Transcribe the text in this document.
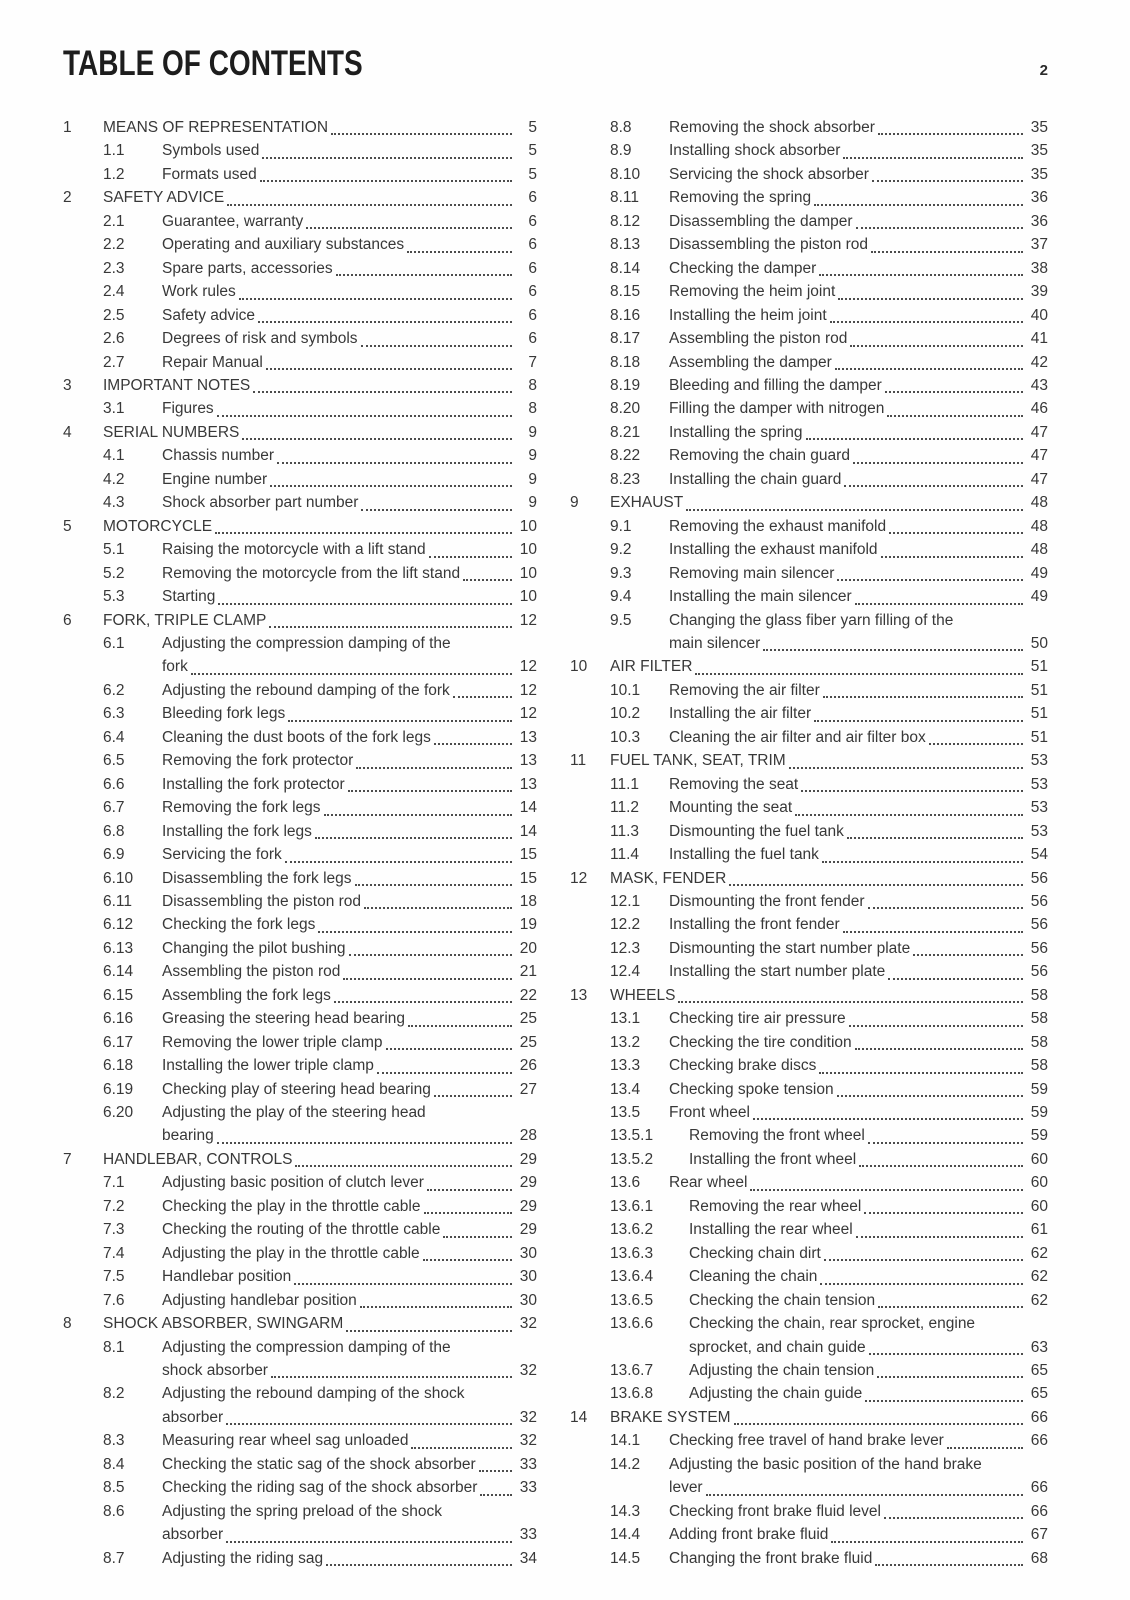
TABLE OF CONTENTS	2
1	MEANS OF REPRESENTATION	5
1.1	Symbols used	5
1.2	Formats used	5
2	SAFETY ADVICE	6
2.1	Guarantee, warranty	6
2.2	Operating and auxiliary substances	6
2.3	Spare parts, accessories	6
2.4	Work rules	6
2.5	Safety advice	6
2.6	Degrees of risk and symbols	6
2.7	Repair Manual	7
3	IMPORTANT NOTES	8
3.1	Figures	8
4	SERIAL NUMBERS	9
4.1	Chassis number	9
4.2	Engine number	9
4.3	Shock absorber part number	9
5	MOTORCYCLE	10
5.1	Raising the motorcycle with a lift stand	10
5.2	Removing the motorcycle from the lift stand	10
5.3	Starting	10
6	FORK, TRIPLE CLAMP	12
6.1	Adjusting the compression damping of the
fork	12
6.2	Adjusting the rebound damping of the fork	12
6.3	Bleeding fork legs	12
6.4	Cleaning the dust boots of the fork legs	13
6.5	Removing the fork protector	13
6.6	Installing the fork protector	13
6.7	Removing the fork legs	14
6.8	Installing the fork legs	14
6.9	Servicing the fork	15
6.10	Disassembling the fork legs	15
6.11	Disassembling the piston rod	18
6.12	Checking the fork legs	19
6.13	Changing the pilot bushing	20
6.14	Assembling the piston rod	21
6.15	Assembling the fork legs	22
6.16	Greasing the steering head bearing	25
6.17	Removing the lower triple clamp	25
6.18	Installing the lower triple clamp	26
6.19	Checking play of steering head bearing	27
6.20	Adjusting the play of the steering head
bearing	28
7	HANDLEBAR, CONTROLS	29
7.1	Adjusting basic position of clutch lever	29
7.2	Checking the play in the throttle cable	29
7.3	Checking the routing of the throttle cable	29
7.4	Adjusting the play in the throttle cable	30
7.5	Handlebar position	30
7.6	Adjusting handlebar position	30
8	SHOCK ABSORBER, SWINGARM	32
8.1	Adjusting the compression damping of the
shock absorber	32
8.2	Adjusting the rebound damping of the shock
absorber	32
8.3	Measuring rear wheel sag unloaded	32
8.4	Checking the static sag of the shock absorber	33
8.5	Checking the riding sag of the shock absorber	33
8.6	Adjusting the spring preload of the shock
absorber	33
8.7	Adjusting the riding sag	34
8.8	Removing the shock absorber	35
8.9	Installing shock absorber	35
8.10	Servicing the shock absorber	35
8.11	Removing the spring	36
8.12	Disassembling the damper	36
8.13	Disassembling the piston rod	37
8.14	Checking the damper	38
8.15	Removing the heim joint	39
8.16	Installing the heim joint	40
8.17	Assembling the piston rod	41
8.18	Assembling the damper	42
8.19	Bleeding and filling the damper	43
8.20	Filling the damper with nitrogen	46
8.21	Installing the spring	47
8.22	Removing the chain guard	47
8.23	Installing the chain guard	47
9	EXHAUST	48
9.1	Removing the exhaust manifold	48
9.2	Installing the exhaust manifold	48
9.3	Removing main silencer	49
9.4	Installing the main silencer	49
9.5	Changing the glass fiber yarn filling of the
main silencer	50
10	AIR FILTER	51
10.1	Removing the air filter	51
10.2	Installing the air filter	51
10.3	Cleaning the air filter and air filter box	51
11	FUEL TANK, SEAT, TRIM	53
11.1	Removing the seat	53
11.2	Mounting the seat	53
11.3	Dismounting the fuel tank	53
11.4	Installing the fuel tank	54
12	MASK, FENDER	56
12.1	Dismounting the front fender	56
12.2	Installing the front fender	56
12.3	Dismounting the start number plate	56
12.4	Installing the start number plate	56
13	WHEELS	58
13.1	Checking tire air pressure	58
13.2	Checking the tire condition	58
13.3	Checking brake discs	58
13.4	Checking spoke tension	59
13.5	Front wheel	59
13.5.1	Removing the front wheel	59
13.5.2	Installing the front wheel	60
13.6	Rear wheel	60
13.6.1	Removing the rear wheel	60
13.6.2	Installing the rear wheel	61
13.6.3	Checking chain dirt	62
13.6.4	Cleaning the chain	62
13.6.5	Checking the chain tension	62
13.6.6	Checking the chain, rear sprocket, engine
sprocket, and chain guide	63
13.6.7	Adjusting the chain tension	65
13.6.8	Adjusting the chain guide	65
14	BRAKE SYSTEM	66
14.1	Checking free travel of hand brake lever	66
14.2	Adjusting the basic position of the hand brake
lever	66
14.3	Checking front brake fluid level	66
14.4	Adding front brake fluid	67
14.5	Changing the front brake fluid	68
